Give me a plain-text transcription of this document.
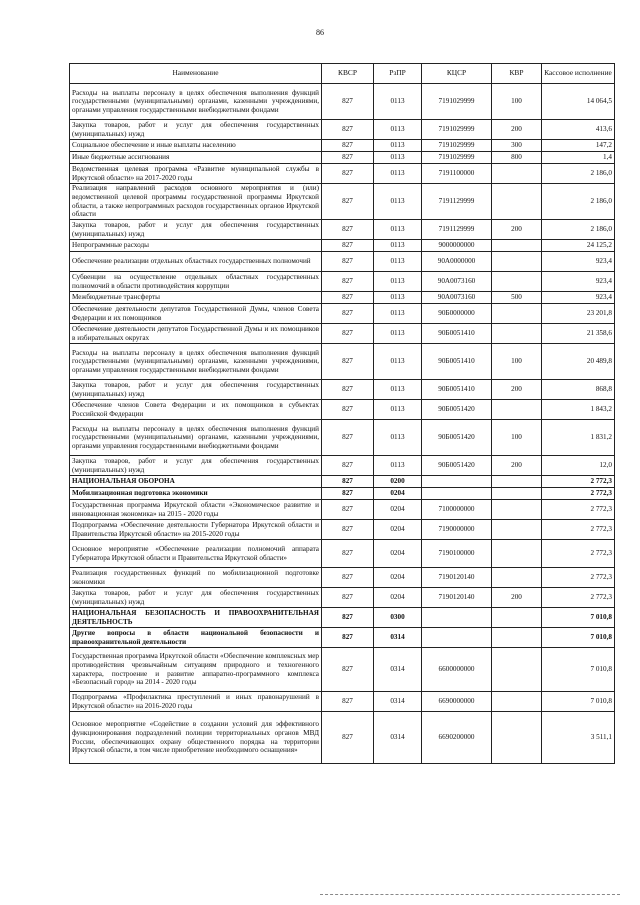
86
Наименование	КВСР	РзПР	КЦСР	КВР	Кассовое исполнение
Расходы на выплаты персоналу в целях обеспечения выполнения функций государственными (муниципальными) органами, казенными учреждениями, органами управления государственными внебюджетными фондами	827	0113	7191029999	100	14 064,5
Закупка товаров, работ и услуг для обеспечения государственных (муниципальных) нужд	827	0113	7191029999	200	413,6
Социальное обеспечение и иные выплаты населению	827	0113	7191029999	300	147,2
Иные бюджетные ассигнования	827	0113	7191029999	800	1,4
Ведомственная целевая программа «Развитие муниципальной службы в Иркутской области» на 2017-2020 годы	827	0113	7191100000		2 186,0
Реализация направлений расходов основного мероприятия и (или) ведомственной целевой программы государственной программы Иркутской области, а также непрограммных расходов государственных органов Иркутской области	827	0113	7191129999		2 186,0
Закупка товаров, работ и услуг для обеспечения государственных (муниципальных) нужд	827	0113	7191129999	200	2 186,0
Непрограммные расходы	827	0113	9000000000		24 125,2
Обеспечение реализации отдельных областных государственных полномочий	827	0113	90А0000000		923,4
Субвенции на осуществление отдельных областных государственных полномочий в области противодействия коррупции	827	0113	90А0073160		923,4
Межбюджетные трансферты	827	0113	90А0073160	500	923,4
Обеспечение деятельности депутатов Государственной Думы, членов Совета Федерации и их помощников	827	0113	90Б0000000		23 201,8
Обеспечение деятельности депутатов Государственной Думы и их помощников в избирательных округах	827	0113	90Б0051410		21 358,6
Расходы на выплаты персоналу в целях обеспечения выполнения функций государственными (муниципальными) органами, казенными учреждениями, органами управления государственными внебюджетными фондами	827	0113	90Б0051410	100	20 489,8
Закупка товаров, работ и услуг для обеспечения государственных (муниципальных) нужд	827	0113	90Б0051410	200	868,8
Обеспечение членов Совета Федерации и их помощников в субъектах Российской Федерации	827	0113	90Б0051420		1 843,2
Расходы на выплаты персоналу в целях обеспечения выполнения функций государственными (муниципальными) органами, казенными учреждениями, органами управления государственными внебюджетными фондами	827	0113	90Б0051420	100	1 831,2
Закупка товаров, работ и услуг для обеспечения государственных (муниципальных) нужд	827	0113	90Б0051420	200	12,0
НАЦИОНАЛЬНАЯ ОБОРОНА	827	0200			2 772,3
Мобилизационная подготовка экономики	827	0204			2 772,3
Государственная программа Иркутской области «Экономическое развитие и инновационная экономика» на 2015 - 2020 годы	827	0204	7100000000		2 772,3
Подпрограмма «Обеспечение деятельности Губернатора Иркутской области и Правительства Иркутской области» на 2015-2020 годы	827	0204	7190000000		2 772,3
Основное мероприятие «Обеспечение реализации полномочий аппарата Губернатора Иркутской области и Правительства Иркутской области»	827	0204	7190100000		2 772,3
Реализация государственных функций по мобилизационной подготовке экономики	827	0204	7190120140		2 772,3
Закупка товаров, работ и услуг для обеспечения государственных (муниципальных) нужд	827	0204	7190120140	200	2 772,3
НАЦИОНАЛЬНАЯ БЕЗОПАСНОСТЬ И ПРАВООХРАНИТЕЛЬНАЯ ДЕЯТЕЛЬНОСТЬ	827	0300			7 010,8
Другие вопросы в области национальной безопасности и правоохранительной деятельности	827	0314			7 010,8
Государственная программа Иркутской области «Обеспечение комплексных мер противодействия чрезвычайным ситуациям природного и техногенного характера, построение и развитие аппаратно-программного комплекса «Безопасный город» на 2014 - 2020 годы	827	0314	6600000000		7 010,8
Подпрограмма «Профилактика преступлений и иных правонарушений в Иркутской области» на 2016-2020 годы	827	0314	6690000000		7 010,8
Основное мероприятие «Содействие в создании условий для эффективного функционирования подразделений полиции территориальных органов МВД России, обеспечивающих охрану общественного порядка на территории Иркутской области, в том числе приобретение необходимого оснащения»	827	0314	6690200000		3 511,1
